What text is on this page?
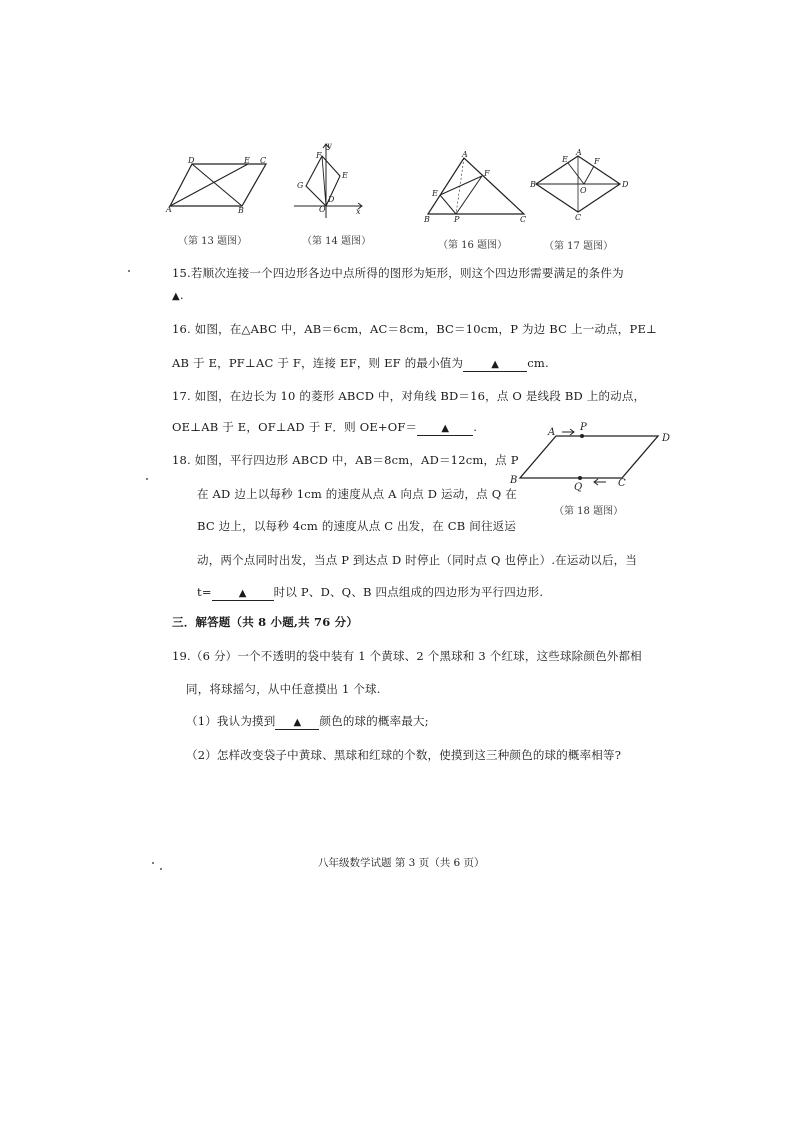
D	E C
A	B
（第 13 题图）
y
F
E
G
O
D
x
（第 14 题图）
A
F
E
B	P	C
（第 16 题图）
A
E	F
B
O
D
C
（第 17 题图）
15.若顺次连接一个四边形各边中点所得的图形为矩形，则这个四边形需要满足的条件为
▲.
16. 如图，在△ABC 中，AB＝6cm，AC＝8cm，BC＝10cm，P 为边 BC 上一动点，PE⊥
AB 于 E，PF⊥AC 于 F，连接 EF，则 EF 的最小值为	▲ cm.
17. 如图，在边长为 10 的菱形 ABCD 中，对角线 BD＝16，点 O 是线段 BD 上的动点，
OE⊥AB 于 E，OF⊥AD 于 F．则 OE+OF＝ ▲ .	A P
D
B
Q	C
（第 18 题图）
18. 如图，平行四边形 ABCD 中，AB＝8cm，AD＝12cm，点 P
在 AD 边上以每秒 1cm 的速度从点 A 向点 D 运动，点 Q 在
BC 边上，以每秒 4cm 的速度从点 C 出发，在 CB 间往返运
动，两个点同时出发，当点 P 到达点 D 时停止（同时点 Q 也停止）.在运动以后，当
t=	▲ 时以 P、D、Q、B 四点组成的四边形为平行四边形.
三．解答题（共 8 小题,共 76 分）
19.（6 分）一个不透明的袋中装有 1 个黄球、2 个黑球和 3 个红球，这些球除颜色外都相
同，将球摇匀，从中任意摸出 1 个球.
（1）我认为摸到 ▲ 颜色的球的概率最大;
（2）怎样改变袋子中黄球、黑球和红球的个数，使摸到这三种颜色的球的概率相等?
八年级数学试题 第 3 页（共 6 页）
